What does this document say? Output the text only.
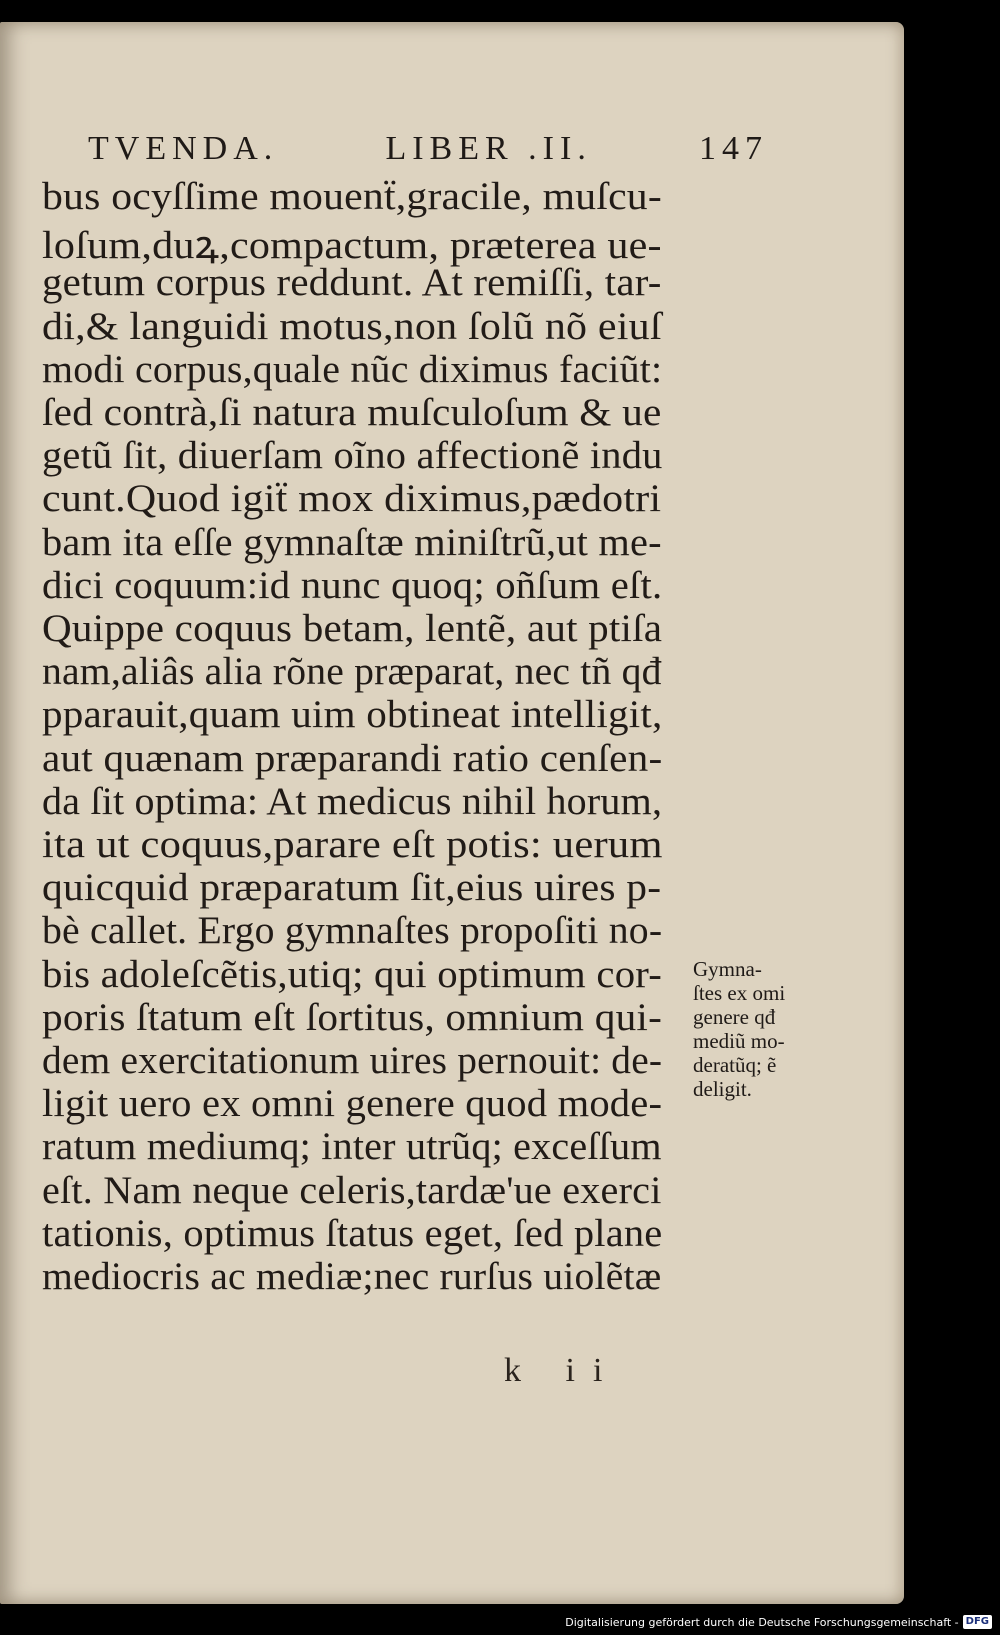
TVENDA.	LIBER .II.	147
bus ocyſſime mouenẗ,gracile, muſcu-
loſum,duꝝ,compactum, præterea ue-
getum corpus reddunt. At remiſſi, tar-
di,& languidi motus,non ſolũ nõ eiuſ
modi corpus,quale nũc diximus faciũt:
ſed contrà,ſi natura muſculoſum & ue
getũ ſit, diuerſam oĩno affectionẽ indu
cunt.Quod igiẗ mox diximus,pædotri
bam ita eſſe gymnaſtæ miniſtrũ,ut me-
dici coquum:id nunc quoq; oñſum eſt.
Quippe coquus betam, lentẽ, aut ptiſa
nam,aliâs alia rõne præparat, nec tñ qđ
pparauit,quam uim obtineat intelligit,
aut quænam præparandi ratio cenſen-
da ſit optima: At medicus nihil horum,
ita ut coquus,parare eſt potis: uerum
quicquid præparatum ſit,eius uires p-
bè callet. Ergo gymnaſtes propoſiti no-
bis adoleſcẽtis,utiq; qui optimum cor-
poris ſtatum eſt ſortitus, omnium qui-
dem exercitationum uires pernouit: de-
ligit uero ex omni genere quod mode-
ratum mediumq; inter utrũq; exceſſum
eſt. Nam neque celeris,tardæ'ue exerci
tationis, optimus ſtatus eget, ſed plane
mediocris ac mediæ;nec rurſus uiolẽtæ
Gymna-
ſtes ex omi
genere qđ
mediũ mo-
deratũq; ẽ
deligit.
k ii
Digitalisierung gefördert durch die Deutsche Forschungsgemeinschaft - DFG
